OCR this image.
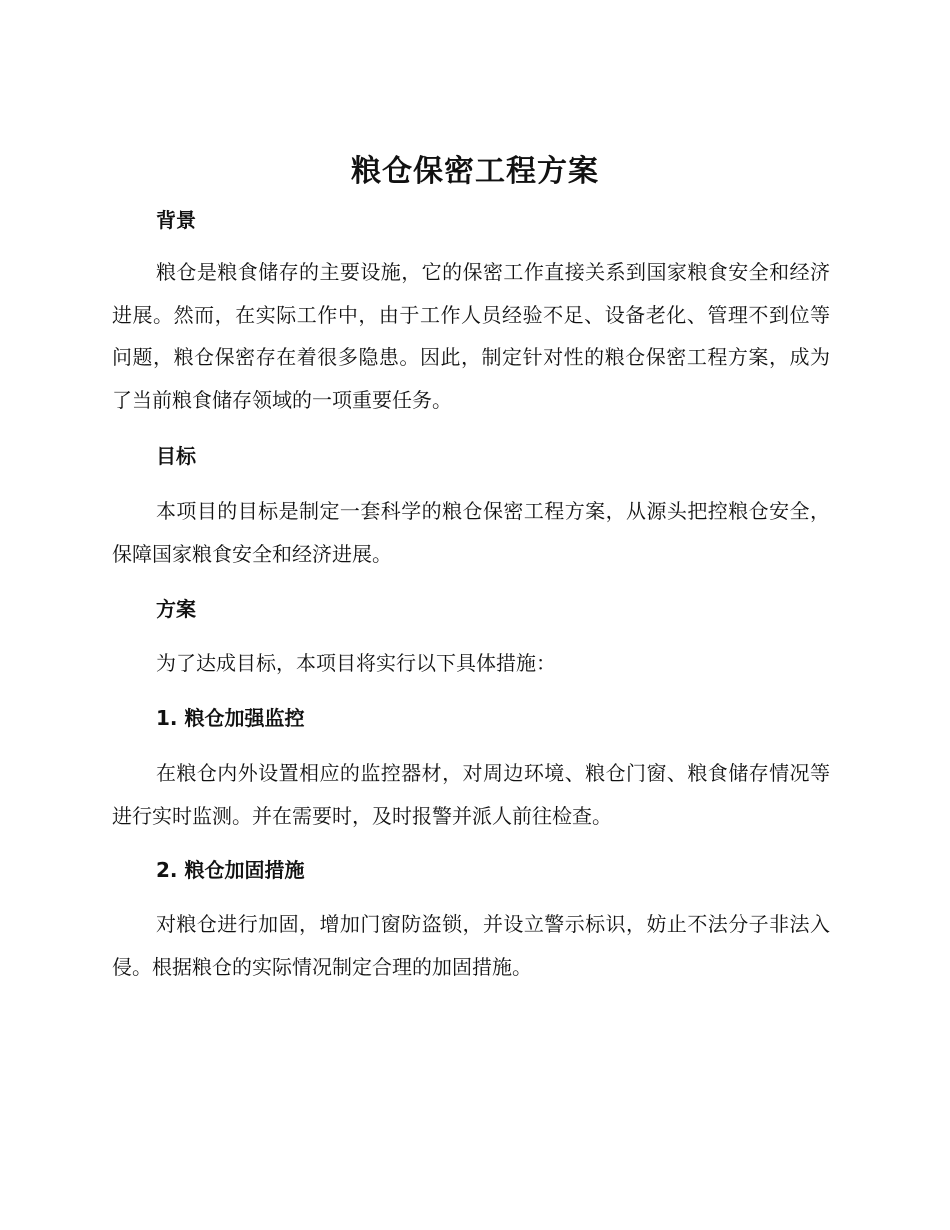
粮仓保密工程方案
背景

粮仓是粮食储存的主要设施，它的保密工作直接关系到国家粮食安全和经济进展。然而，在实际工作中，由于工作人员经验不足、设备老化、管理不到位等问题，粮仓保密存在着很多隐患。因此，制定针对性的粮仓保密工程方案，成为了当前粮食储存领域的一项重要任务。

目标

本项目的目标是制定一套科学的粮仓保密工程方案，从源头把控粮仓安全，保障国家粮食安全和经济进展。

方案

为了达成目标，本项目将实行以下具体措施：

1. 粮仓加强监控

在粮仓内外设置相应的监控器材，对周边环境、粮仓门窗、粮食储存情况等进行实时监测。并在需要时，及时报警并派人前往检查。

2. 粮仓加固措施

对粮仓进行加固，增加门窗防盗锁，并设立警示标识，妨止不法分子非法入侵。根据粮仓的实际情况制定合理的加固措施。
